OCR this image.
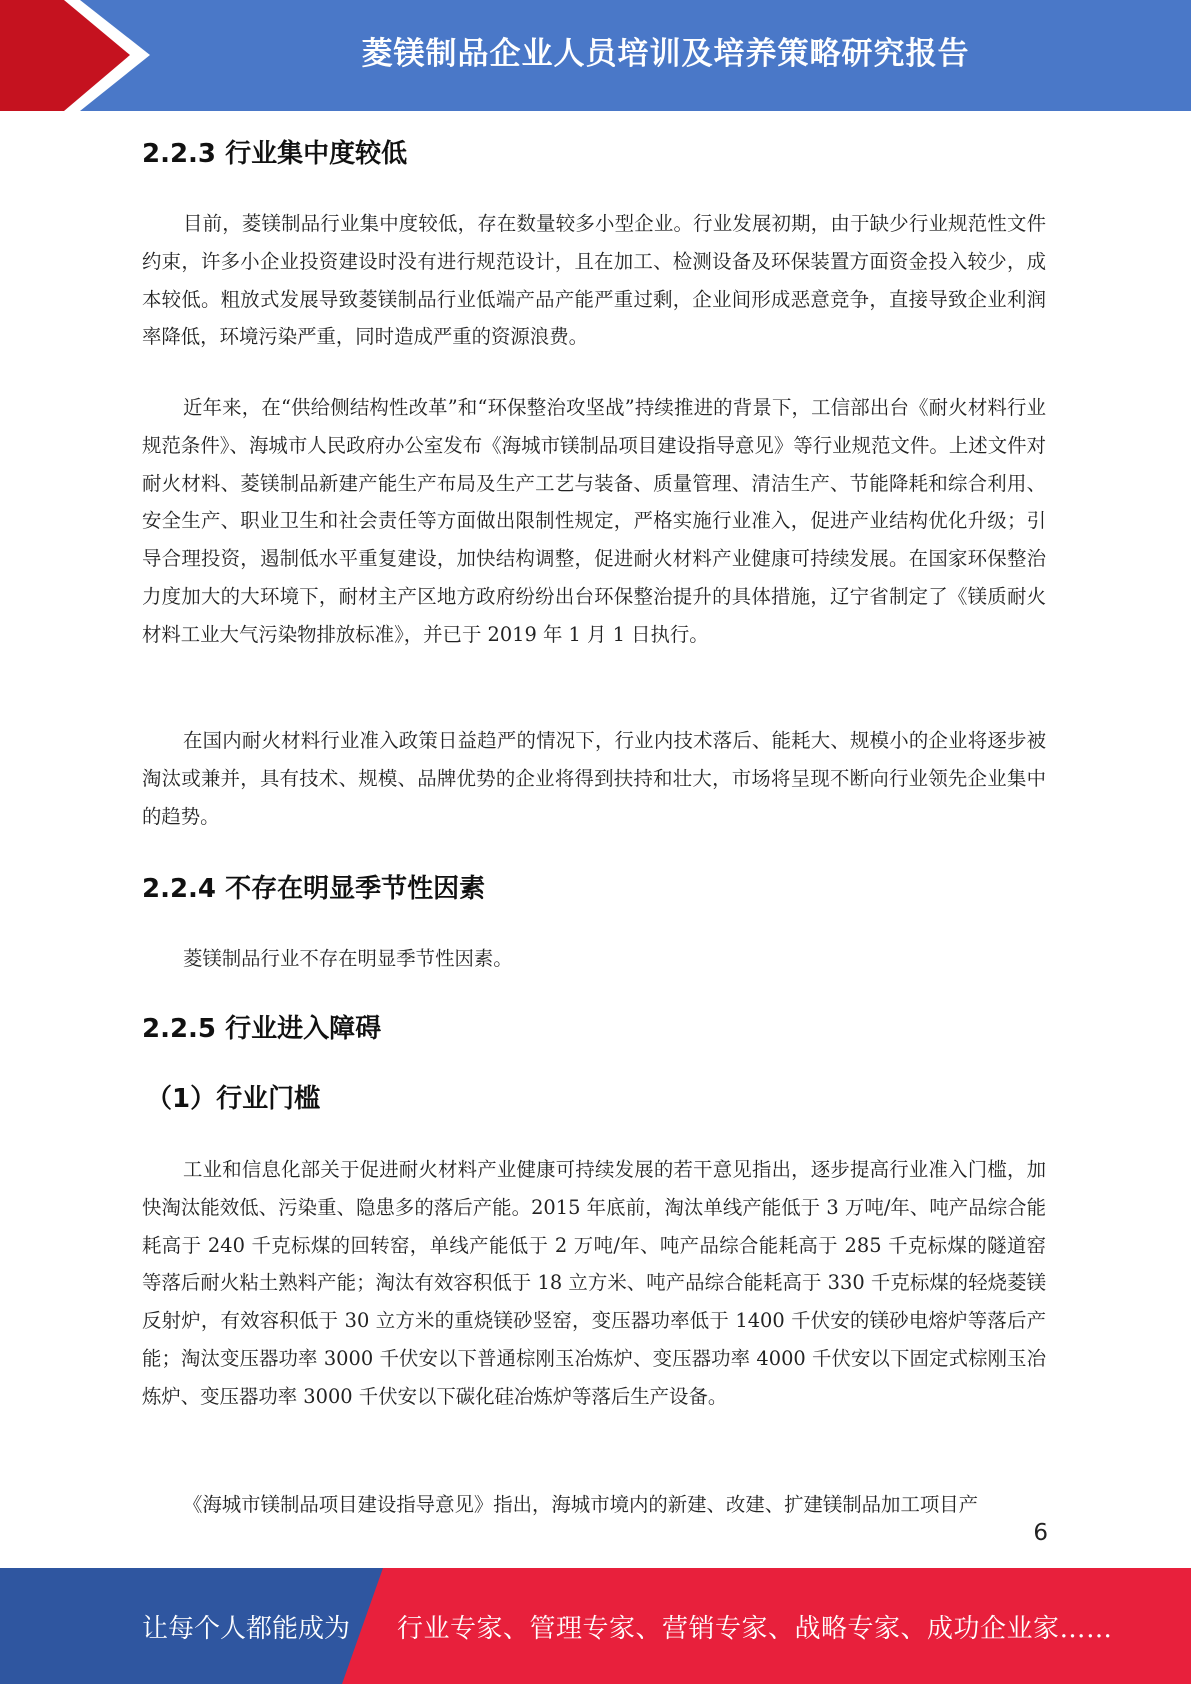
菱镁制品企业人员培训及培养策略研究报告
2.2.3 行业集中度较低

目前，菱镁制品行业集中度较低，存在数量较多小型企业。行业发展初期，由于缺少行业规范性文件约束，许多小企业投资建设时没有进行规范设计，且在加工、检测设备及环保装置方面资金投入较少，成本较低。粗放式发展导致菱镁制品行业低端产品产能严重过剩，企业间形成恶意竞争，直接导致企业利润率降低，环境污染严重，同时造成严重的资源浪费。

近年来，在“供给侧结构性改革”和“环保整治攻坚战”持续推进的背景下，工信部出台《耐火材料行业规范条件》、海城市人民政府办公室发布《海城市镁制品项目建设指导意见》等行业规范文件。上述文件对耐火材料、菱镁制品新建产能生产布局及生产工艺与装备、质量管理、清洁生产、节能降耗和综合利用、安全生产、职业卫生和社会责任等方面做出限制性规定，严格实施行业准入，促进产业结构优化升级；引导合理投资，遏制低水平重复建设，加快结构调整，促进耐火材料产业健康可持续发展。在国家环保整治力度加大的大环境下，耐材主产区地方政府纷纷出台环保整治提升的具体措施，辽宁省制定了《镁质耐火材料工业大气污染物排放标准》，并已于 2019 年 1 月 1 日执行。

在国内耐火材料行业准入政策日益趋严的情况下，行业内技术落后、能耗大、规模小的企业将逐步被淘汰或兼并，具有技术、规模、品牌优势的企业将得到扶持和壮大，市场将呈现不断向行业领先企业集中的趋势。

2.2.4 不存在明显季节性因素

菱镁制品行业不存在明显季节性因素。

2.2.5 行业进入障碍
（1）行业门槛

工业和信息化部关于促进耐火材料产业健康可持续发展的若干意见指出，逐步提高行业准入门槛，加快淘汰能效低、污染重、隐患多的落后产能。2015 年底前，淘汰单线产能低于 3 万吨/年、吨产品综合能耗高于 240 千克标煤的回转窑，单线产能低于 2 万吨/年、吨产品综合能耗高于 285 千克标煤的隧道窑等落后耐火粘土熟料产能；淘汰有效容积低于 18 立方米、吨产品综合能耗高于 330 千克标煤的轻烧菱镁反射炉，有效容积低于 30 立方米的重烧镁砂竖窑，变压器功率低于 1400 千伏安的镁砂电熔炉等落后产能；淘汰变压器功率 3000 千伏安以下普通棕刚玉冶炼炉、变压器功率 4000 千伏安以下固定式棕刚玉冶炼炉、变压器功率 3000 千伏安以下碳化硅冶炼炉等落后生产设备。

《海城市镁制品项目建设指导意见》指出，海城市境内的新建、改建、扩建镁制品加工项目产

6
让每个人都能成为 行业专家、管理专家、营销专家、战略专家、成功企业家……
